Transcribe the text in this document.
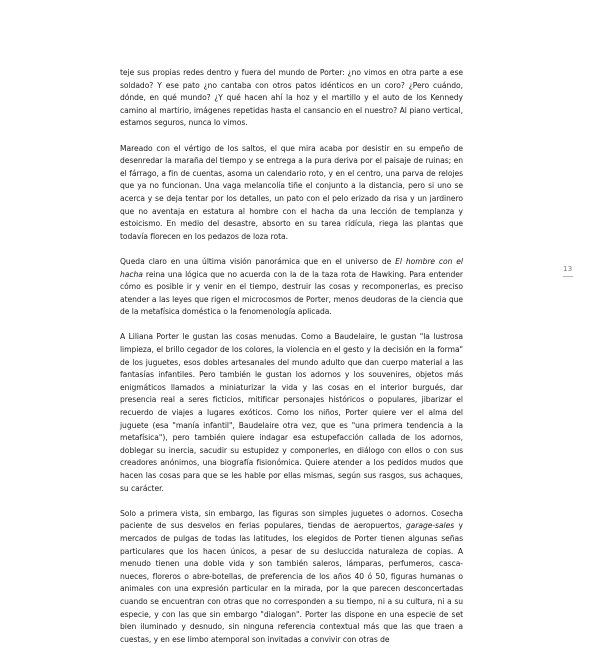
teje sus propias redes dentro y fuera del mundo de Porter: ¿no vimos en otra parte a ese soldado? Y ese pato ¿no cantaba con otros patos idénticos en un coro? ¿Pero cuándo, dónde, en qué mundo? ¿Y qué hacen ahí la hoz y el martillo y el auto de los Kennedy camino al martirio, imágenes repetidas hasta el cansancio en el nuestro? Al piano vertical, estamos seguros, nunca lo vimos.

Mareado con el vértigo de los saltos, el que mira acaba por desistir en su empeño de desenredar la maraña del tiempo y se entrega a la pura deriva por el paisaje de ruinas; en el fárrago, a fin de cuentas, asoma un calendario roto, y en el centro, una parva de relojes que ya no funcionan. Una vaga melancolía tiñe el conjunto a la distancia, pero si uno se acerca y se deja tentar por los detalles, un pato con el pelo erizado da risa y un jardinero que no aventaja en estatura al hombre con el hacha da una lección de templanza y estoicismo. En medio del desastre, absorto en su tarea ridícula, riega las plantas que todavía florecen en los pedazos de loza rota.

Queda claro en una última visión panorámica que en el universo de El hombre con el hacha reina una lógica que no acuerda con la de la taza rota de Hawking. Para entender cómo es posible ir y venir en el tiempo, destruir las cosas y recomponerlas, es preciso atender a las leyes que rigen el microcosmos de Porter, menos deudoras de la ciencia que de la metafísica doméstica o la fenomenología aplicada.

A Liliana Porter le gustan las cosas menudas. Como a Baudelaire, le gustan "la lustrosa limpieza, el brillo cegador de los colores, la violencia en el gesto y la decisión en la forma" de los juguetes, esos dobles artesanales del mundo adulto que dan cuerpo material a las fantasías infantiles. Pero también le gustan los adornos y los souvenires, objetos más enigmáticos llamados a miniaturizar la vida y las cosas en el interior burgués, dar presencia real a seres ficticios, mitificar personajes históricos o populares, jibarizar el recuerdo de viajes a lugares exóticos. Como los niños, Porter quiere ver el alma del juguete (esa "manía infantil", Baudelaire otra vez, que es "una primera tendencia a la metafísica"), pero también quiere indagar esa estupefacción callada de los adornos, doblegar su inercia, sacudir su estupidez y componerles, en diálogo con ellos o con sus creadores anónimos, una biografía fisionómica. Quiere atender a los pedidos mudos que hacen las cosas para que se les hable por ellas mismas, según sus rasgos, sus achaques, su carácter.

Solo a primera vista, sin embargo, las figuras son simples juguetes o adornos. Cosecha paciente de sus desvelos en ferias populares, tiendas de aeropuertos, garage-sales y mercados de pulgas de todas las latitudes, los elegidos de Porter tienen algunas señas particulares que los hacen únicos, a pesar de su desluccida naturaleza de copias. A menudo tienen una doble vida y son también saleros, lámparas, perfumeros, casca-nueces, floreros o abre-botellas, de preferencia de los años 40 ó 50, figuras humanas o animales con una expresión particular en la mirada, por la que parecen desconcertadas cuando se encuentran con otras que no corresponden a su tiempo, ni a su cultura, ni a su especie, y con las que sin embargo "dialogan". Porter las dispone en una especie de set bien iluminado y desnudo, sin ninguna referencia contextual más que las que traen a cuestas, y en ese limbo atemporal son invitadas a convivir con otras de

13
